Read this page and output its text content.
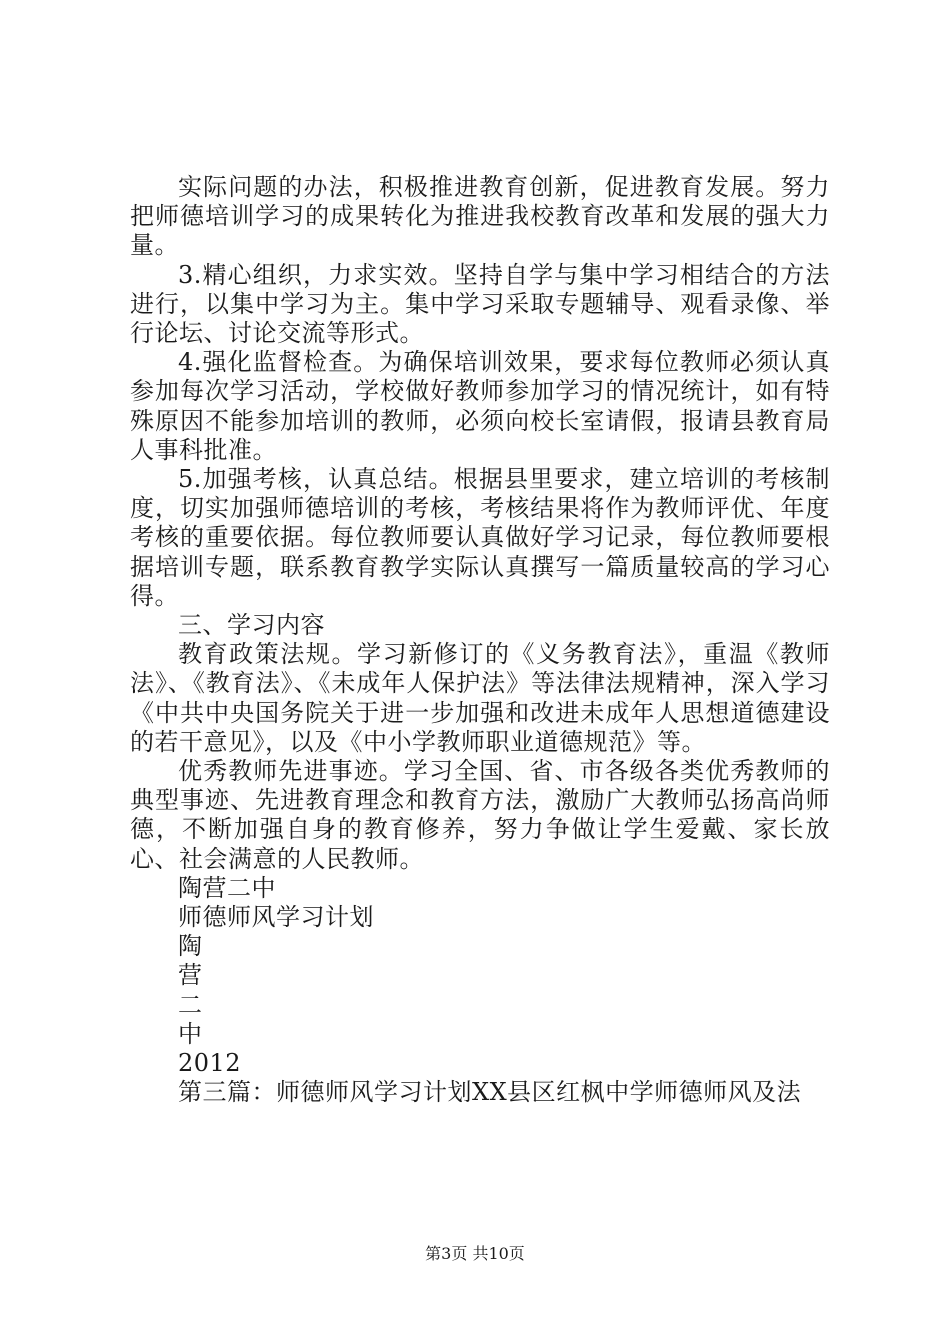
实际问题的办法，积极推进教育创新，促进教育发展。努力把师德培训学习的成果转化为推进我校教育改革和发展的强大力量。

3.精心组织，力求实效。坚持自学与集中学习相结合的方法进行，以集中学习为主。集中学习采取专题辅导、观看录像、举行论坛、讨论交流等形式。

4.强化监督检查。为确保培训效果，要求每位教师必须认真参加每次学习活动，学校做好教师参加学习的情况统计，如有特殊原因不能参加培训的教师，必须向校长室请假，报请县教育局人事科批准。

5.加强考核，认真总结。根据县里要求，建立培训的考核制度，切实加强师德培训的考核，考核结果将作为教师评优、年度考核的重要依据。每位教师要认真做好学习记录，每位教师要根据培训专题，联系教育教学实际认真撰写一篇质量较高的学习心得。

三、学习内容

教育政策法规。学习新修订的《义务教育法》，重温《教师法》、《教育法》、《未成年人保护法》等法律法规精神，深入学习《中共中央国务院关于进一步加强和改进未成年人思想道德建设的若干意见》，以及《中小学教师职业道德规范》等。

优秀教师先进事迹。学习全国、省、市各级各类优秀教师的典型事迹、先进教育理念和教育方法，激励广大教师弘扬高尚师德，不断加强自身的教育修养，努力争做让学生爱戴、家长放心、社会满意的人民教师。

陶营二中

师德师风学习计划

陶

营

二

中

2012

第三篇：师德师风学习计划XX县区红枫中学师德师风及法

第3页 共10页
